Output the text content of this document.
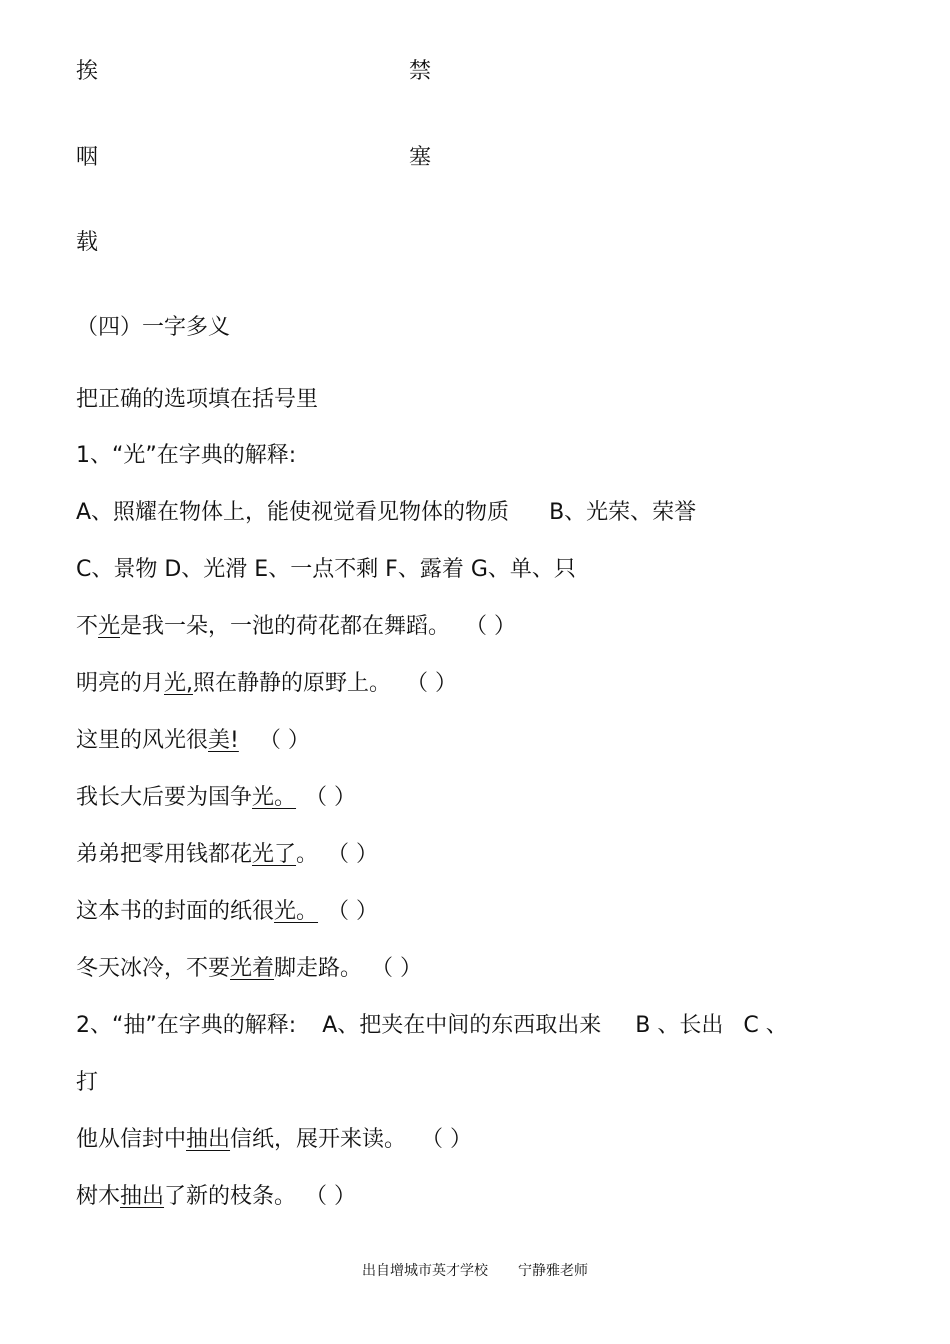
挨	禁
咽	塞
载
（四）一字多义
把正确的选项填在括号里
1、“光”在字典的解释:
A、照耀在物体上，能使视觉看见物体的物质 B、光荣、荣誉
C、景物 D、光滑 E、一点不剩 F、露着 G、单、只
不光是我一朵，一池的荷花都在舞蹈。 （ ）
明亮的月光,照在静静的原野上。 （ ）
这里的风光很美! （ ）
我长大后要为国争光。 （ ）
弟弟把零用钱都花光了。 （ ）
这本书的封面的纸很光。 （ ）
冬天冰冷，不要光着脚走路。 （ ）
2、“抽”在字典的解释: A、把夹在中间的东西取出来 B 、长出 C 、
打
他从信封中抽出信纸，展开来读。 （ ）
树木抽出了新的枝条。 （ ）
出自增城市英才学校 宁静雅老师
